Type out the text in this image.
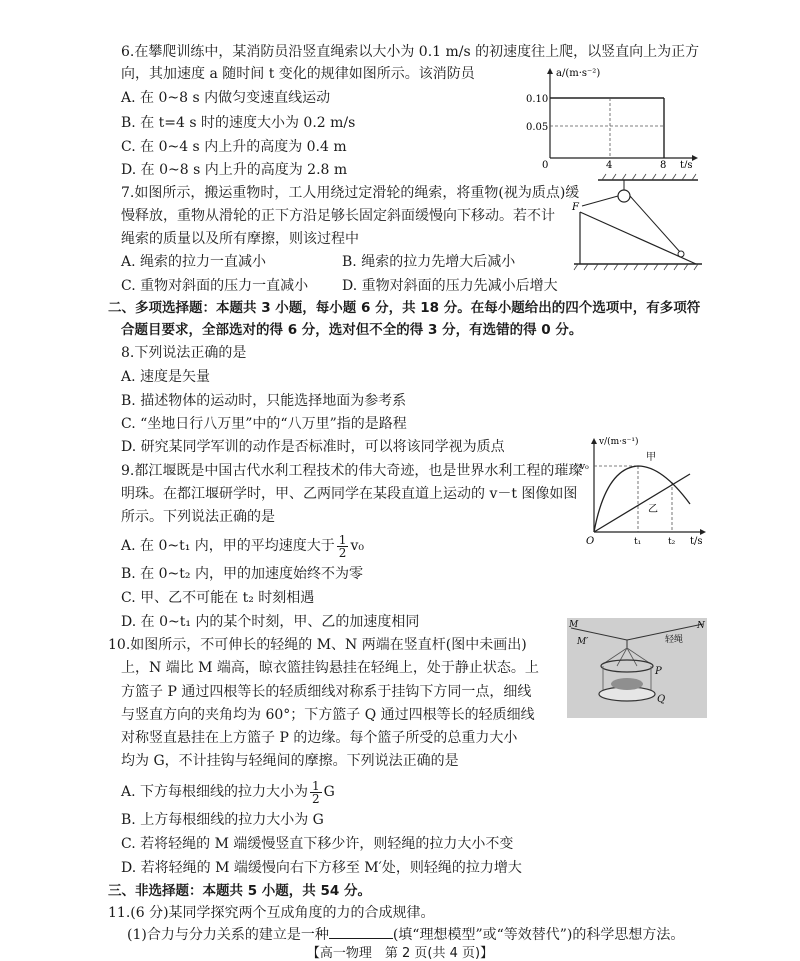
6.在攀爬训练中，某消防员沿竖直绳索以大小为 0.1 m/s 的初速度往上爬，以竖直向上为正方
向，其加速度 a 随时间 t 变化的规律如图所示。该消防员
A. 在 0~8 s 内做匀变速直线运动
B. 在 t=4 s 时的速度大小为 0.2 m/s
C. 在 0~4 s 内上升的高度为 0.4 m
D. 在 0~8 s 内上升的高度为 2.8 m
a/(m·s⁻²)
t/s
0
0.10
0.05
4	8
7.如图所示，搬运重物时，工人用绕过定滑轮的绳索，将重物(视为质点)缓
慢释放，重物从滑轮的正下方沿足够长固定斜面缓慢向下移动。若不计
绳索的质量以及所有摩擦，则该过程中
A. 绳索的拉力一直减小	B. 绳索的拉力先增大后减小
C. 重物对斜面的压力一直减小 D. 重物对斜面的压力先减小后增大
F
二、多项选择题：本题共 3 小题，每小题 6 分，共 18 分。在每小题给出的四个选项中，有多项符
合题目要求，全部选对的得 6 分，选对但不全的得 3 分，有选错的得 0 分。
8.下列说法正确的是
A. 速度是矢量
B. 描述物体的运动时，只能选择地面为参考系
C. “坐地日行八万里”中的“八万里”指的是路程
D. 研究某同学军训的动作是否标准时，可以将该同学视为质点
9.都江堰既是中国古代水利工程技术的伟大奇迹，也是世界水利工程的璀璨
明珠。在都江堰研学时，甲、乙两同学在某段直道上运动的 v－t 图像如图
所示。下列说法正确的是
A. 在 0~t₁ 内，甲的平均速度大于 $\frac{1}{2} v_0$
B. 在 0~t₂ 内，甲的加速度始终不为零
C. 甲、乙不可能在 t₂ 时刻相遇
D. 在 0~t₁ 内的某个时刻，甲、乙的加速度相同
v/(m·s⁻¹)
t/s
O
v₀
t₁	t₂
甲
乙
10.如图所示，不可伸长的轻绳的 M、N 两端在竖直杆(图中未画出)
上，N 端比 M 端高，晾衣篮挂钩悬挂在轻绳上，处于静止状态。上
方篮子 P 通过四根等长的轻质细线对称系于挂钩下方同一点，细线
与竖直方向的夹角均为 60°；下方篮子 Q 通过四根等长的轻质细线
对称竖直悬挂在上方篮子 P 的边缘。每个篮子所受的总重力大小
均为 G，不计挂钩与轻绳间的摩擦。下列说法正确的是
A. 下方每根细线的拉力大小为 $\frac{1}{2}$ G
B. 上方每根细线的拉力大小为 G
C. 若将轻绳的 M 端缓慢竖直下移少许，则轻绳的拉力大小不变
D. 若将轻绳的 M 端缓慢向右下方移至 M′处，则轻绳的拉力增大
M	N
M′	轻绳
P
Q
三、非选择题：本题共 5 小题，共 54 分。
11.(6 分)某同学探究两个互成角度的力的合成规律。
(1)合力与分力关系的建立是一种	(填“理想模型”或“等效替代”)的科学思想方法。
【高一物理　第 2 页(共 4 页)】
